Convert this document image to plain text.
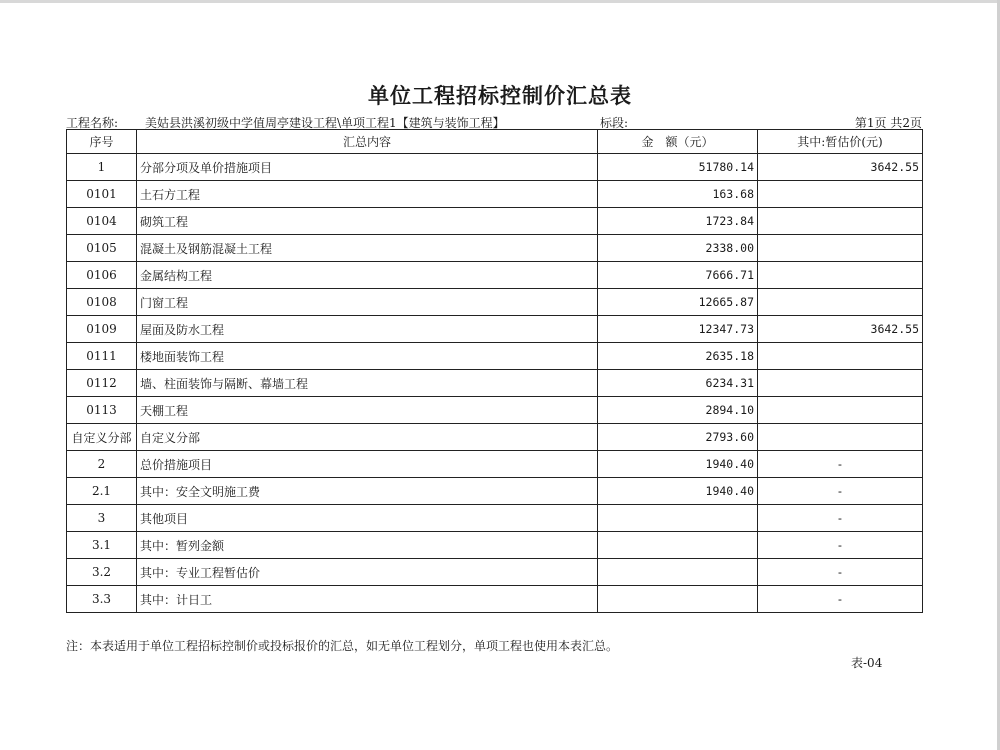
单位工程招标控制价汇总表
工程名称: 美姑县洪溪初级中学值周亭建设工程\单项工程1【建筑与装饰工程】	标段:	第1页 共2页
序号	汇总内容	金　额（元）	其中:暂估价(元)
1	分部分项及单价措施项目	51780.14	3642.55
0101	土石方工程	163.68	
0104	砌筑工程	1723.84	
0105	混凝土及钢筋混凝土工程	2338.00	
0106	金属结构工程	7666.71	
0108	门窗工程	12665.87	
0109	屋面及防水工程	12347.73	3642.55
0111	楼地面装饰工程	2635.18	
0112	墙、柱面装饰与隔断、幕墙工程	6234.31	
0113	天棚工程	2894.10	
自定义分部	自定义分部	2793.60	
2	总价措施项目	1940.40	-
2.1	其中：安全文明施工费	1940.40	-
3	其他项目		-
3.1	其中：暂列金额		-
3.2	其中：专业工程暂估价		-
3.3	其中：计日工		-
注：本表适用于单位工程招标控制价或投标报价的汇总，如无单位工程划分，单项工程也使用本表汇总。
表-04
